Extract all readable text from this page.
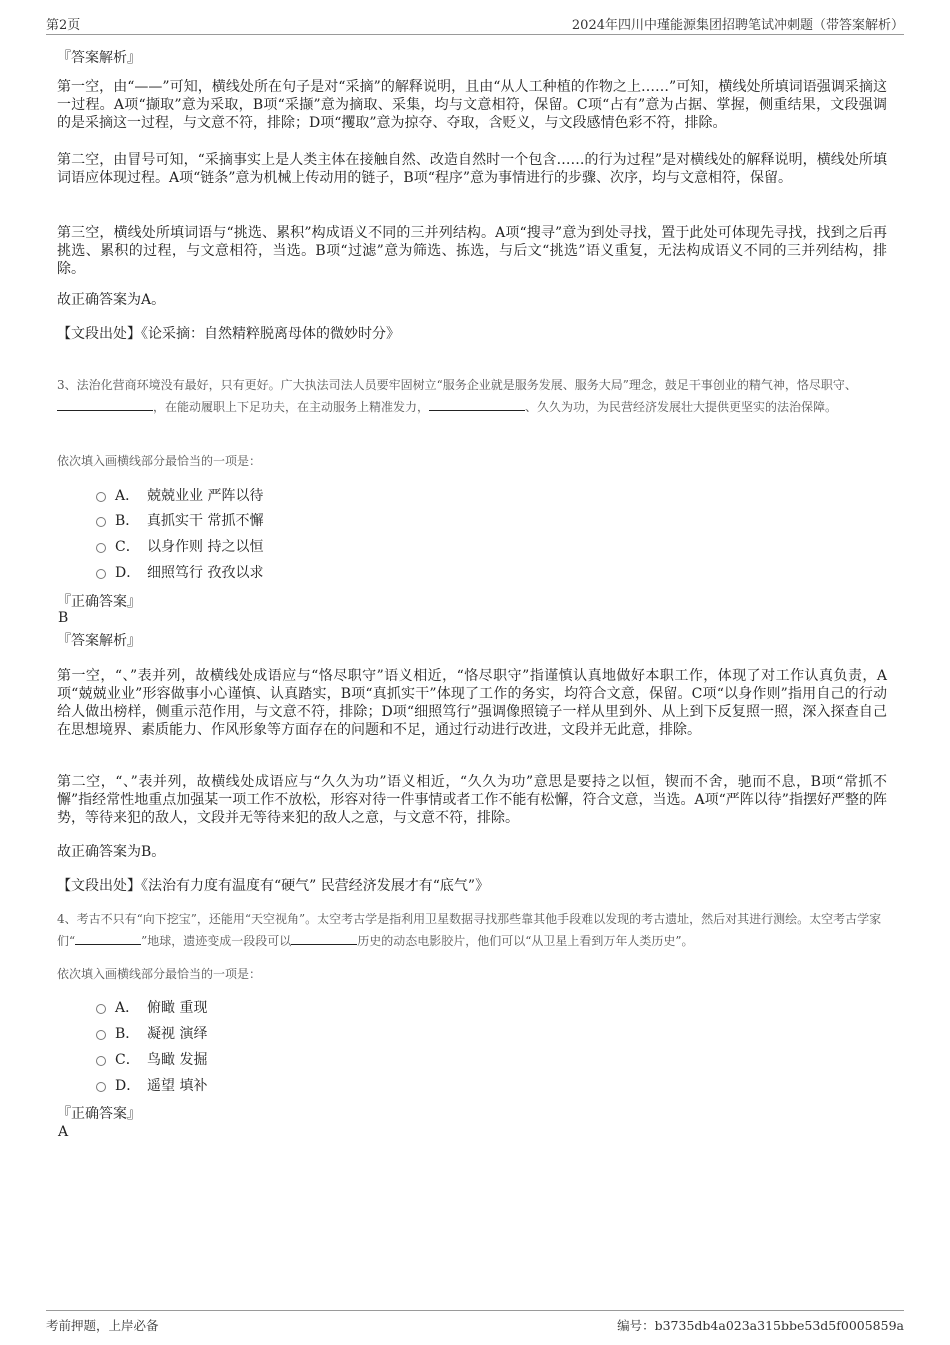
第2页	2024年四川中瑾能源集团招聘笔试冲刺题（带答案解析）

『答案解析』

第一空，由“——”可知，横线处所在句子是对“采摘”的解释说明，且由“从人工种植的作物之上……”可知，横线处所填词语强调采摘这一过程。A项“撷取”意为采取，B项“采撷”意为摘取、采集，均与文意相符，保留。C项“占有”意为占据、掌握，侧重结果，文段强调的是采摘这一过程，与文意不符，排除；D项“攫取”意为掠夺、夺取，含贬义，与文段感情色彩不符，排除。

第二空，由冒号可知，“采摘事实上是人类主体在接触自然、改造自然时一个包含……的行为过程”是对横线处的解释说明，横线处所填词语应体现过程。A项“链条”意为机械上传动用的链子，B项“程序”意为事情进行的步骤、次序，均与文意相符，保留。

第三空，横线处所填词语与“挑选、累积”构成语义不同的三并列结构。A项“搜寻”意为到处寻找，置于此处可体现先寻找，找到之后再挑选、累积的过程，与文意相符，当选。B项“过滤”意为筛选、拣选，与后文“挑选”语义重复，无法构成语义不同的三并列结构，排除。

故正确答案为A。

【文段出处】《论采摘：自然精粹脱离母体的微妙时分》

3、法治化营商环境没有最好，只有更好。广大执法司法人员要牢固树立“服务企业就是服务发展、服务大局”理念，鼓足干事创业的精气神，恪尽职守、，在能动履职上下足功夫，在主动服务上精准发力，	、久久为功，为民营经济发展壮大提供更坚实的法治保障。

依次填入画横线部分最恰当的一项是：

A． 兢兢业业 严阵以待
B． 真抓实干 常抓不懈
C． 以身作则 持之以恒
D． 细照笃行 孜孜以求

『正确答案』

B

『答案解析』

第一空，“、”表并列，故横线处成语应与“恪尽职守”语义相近，“恪尽职守”指谨慎认真地做好本职工作，体现了对工作认真负责，A项“兢兢业业”形容做事小心谨慎、认真踏实，B项“真抓实干”体现了工作的务实，均符合文意，保留。C项“以身作则”指用自己的行动给人做出榜样，侧重示范作用，与文意不符，排除；D项“细照笃行”强调像照镜子一样从里到外、从上到下反复照一照，深入探查自己在思想境界、素质能力、作风形象等方面存在的问题和不足，通过行动进行改进，文段并无此意，排除。

第二空，“、”表并列，故横线处成语应与“久久为功”语义相近，“久久为功”意思是要持之以恒，锲而不舍，驰而不息，B项“常抓不懈”指经常性地重点加强某一项工作不放松，形容对待一件事情或者工作不能有松懈，符合文意，当选。A项“严阵以待”指摆好严整的阵势，等待来犯的敌人，文段并无等待来犯的敌人之意，与文意不符，排除。

故正确答案为B。

【文段出处】《法治有力度有温度有“硬气” 民营经济发展才有“底气”》

4、考古不只有“向下挖宝”，还能用“天空视角”。太空考古学是指利用卫星数据寻找那些靠其他手段难以发现的考古遗址，然后对其进行测绘。太空考古学家们“	”地球，遗迹变成一段段可以	历史的动态电影胶片，他们可以“从卫星上看到万年人类历史”。

依次填入画横线部分最恰当的一项是：

A． 俯瞰 重现
B． 凝视 演绎
C． 鸟瞰 发掘
D． 遥望 填补

『正确答案』

A

考前押题，上岸必备	编号：b3735db4a023a315bbe53d5f0005859a
